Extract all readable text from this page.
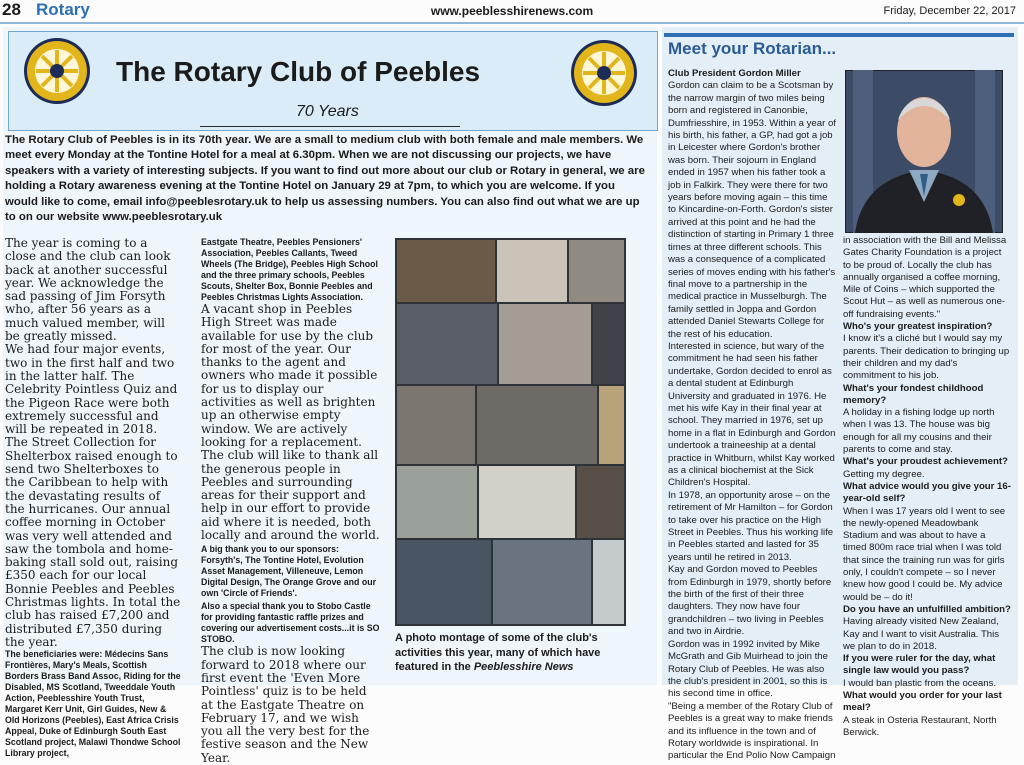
28 Rotary	www.peeblesshirenews.com	Friday, December 22, 2017
The Rotary Club of Peebles
70 Years
The Rotary Club of Peebles is in its 70th year. We are a small to medium club with both female and male members. We meet every Monday at the Tontine Hotel for a meal at 6.30pm. When we are not discussing our projects, we have speakers with a variety of interesting subjects. If you want to find out more about our club or Rotary in general, we are holding a Rotary awareness evening at the Tontine Hotel on January 29 at 7pm, to which you are welcome. If you would like to come, email info@peeblesrotary.uk to help us assessing numbers. You can also find out what we are up to on our website www.peeblesrotary.uk

The year is coming to a close and the club can look back at another successful year. We acknowledge the sad passing of Jim Forsyth who, after 56 years as a much valued member, will be greatly missed.

We had four major events, two in the first half and two in the latter half. The Celebrity Pointless Quiz and the Pigeon Race were both extremely successful and will be repeated in 2018.

The Street Collection for Shelterbox raised enough to send two Shelterboxes to the Caribbean to help with the devastating results of the hurricanes. Our annual coffee morning in October was very well attended and saw the tombola and home-baking stall sold out, raising £350 each for our local Bonnie Peebles and Peebles Christmas lights. In total the club has raised £7,200 and distributed £7,350 during the year.

The beneficiaries were: Médecins Sans Frontières, Mary's Meals, Scottish Borders Brass Band Assoc, Riding for the Disabled, MS Scotland, Tweeddale Youth Action, Peeblesshire Youth Trust, Margaret Kerr Unit, Girl Guides, New & Old Horizons (Peebles), East Africa Crisis Appeal, Duke of Edinburgh South East Scotland project, Malawi Thondwe School Library project,

Eastgate Theatre, Peebles Pensioners' Association, Peebles Callants, Tweed Wheels (The Bridge), Peebles High School and the three primary schools, Peebles Scouts, Shelter Box, Bonnie Peebles and Peebles Christmas Lights Association.

A vacant shop in Peebles High Street was made available for use by the club for most of the year. Our thanks to the agent and owners who made it possible for us to display our activities as well as brighten up an otherwise empty window. We are actively looking for a replacement.

The club will like to thank all the generous people in Peebles and surrounding areas for their support and help in our effort to provide aid where it is needed, both locally and around the world.

A big thank you to our sponsors: Forsyth's, The Tontine Hotel, Evolution Asset Management, Villeneuve, Lemon Digital Design, The Orange Grove and our own 'Circle of Friends'.

Also a special thank you to Stobo Castle for providing fantastic raffle prizes and covering our advertisement costs...it is SO STOBO.

The club is now looking forward to 2018 where our first event the 'Even More Pointless' quiz is to be held at the Eastgate Theatre on February 17, and we wish you all the very best for the festive season and the New Year.

A photo montage of some of the club's activities this year, many of which have featured in the Peeblesshire News
Meet your Rotarian...

Club President Gordon Miller

Gordon can claim to be a Scotsman by the narrow margin of two miles being born and registered in Canonbie, Dumfriesshire, in 1953. Within a year of his birth, his father, a GP, had got a job in Leicester where Gordon's brother was born. Their sojourn in England ended in 1957 when his father took a job in Falkirk. They were there for two years before moving again – this time to Kincardine-on-Forth. Gordon's sister arrived at this point and he had the distinction of starting in Primary 1 three times at three different schools. This was a consequence of a complicated series of moves ending with his father's final move to a partnership in the medical practice in Musselburgh. The family settled in Joppa and Gordon attended Daniel Stewarts College for the rest of his education.

Interested in science, but wary of the commitment he had seen his father undertake, Gordon decided to enrol as a dental student at Edinburgh University and graduated in 1976. He met his wife Kay in their final year at school. They married in 1976, set up home in a flat in Edinburgh and Gordon undertook a traineeship at a dental practice in Whitburn, whilst Kay worked as a clinical biochemist at the Sick Children's Hospital.

In 1978, an opportunity arose – on the retirement of Mr Hamilton – for Gordon to take over his practice on the High Street in Peebles. Thus his working life in Peebles started and lasted for 35 years until he retired in 2013.

Kay and Gordon moved to Peebles from Edinburgh in 1979, shortly before the birth of the first of their three daughters. They now have four grandchildren – two living in Peebles and two in Airdrie.

Gordon was in 1992 invited by Mike McGrath and Gib Muirhead to join the Rotary Club of Peebles. He was also the club's president in 2001, so this is his second time in office.

"Being a member of the Rotary Club of Peebles is a great way to make friends and its influence in the town and of Rotary worldwide is inspirational. In particular the End Polio Now Campaign

in association with the Bill and Melissa Gates Charity Foundation is a project to be proud of. Locally the club has annually organised a coffee morning, Mile of Coins – which supported the Scout Hut – as well as numerous one-off fundraising events."

Who's your greatest inspiration?

I know it's a cliché but I would say my parents. Their dedication to bringing up their children and my dad's commitment to his job.

What's your fondest childhood memory?

A holiday in a fishing lodge up north when I was 13. The house was big enough for all my cousins and their parents to come and stay.

What's your proudest achievement?

Getting my degree.

What advice would you give your 16-year-old self?

When I was 17 years old I went to see the newly-opened Meadowbank Stadium and was about to have a timed 800m race trial when I was told that since the training run was for girls only, I couldn't compete – so I never knew how good I could be. My advice would be – do it!

Do you have an unfulfilled ambition?

Having already visited New Zealand, Kay and I want to visit Australia. This we plan to do in 2018.

If you were ruler for the day, what single law would you pass?

I would ban plastic from the oceans.

What would you order for your last meal?

A steak in Osteria Restaurant, North Berwick.
